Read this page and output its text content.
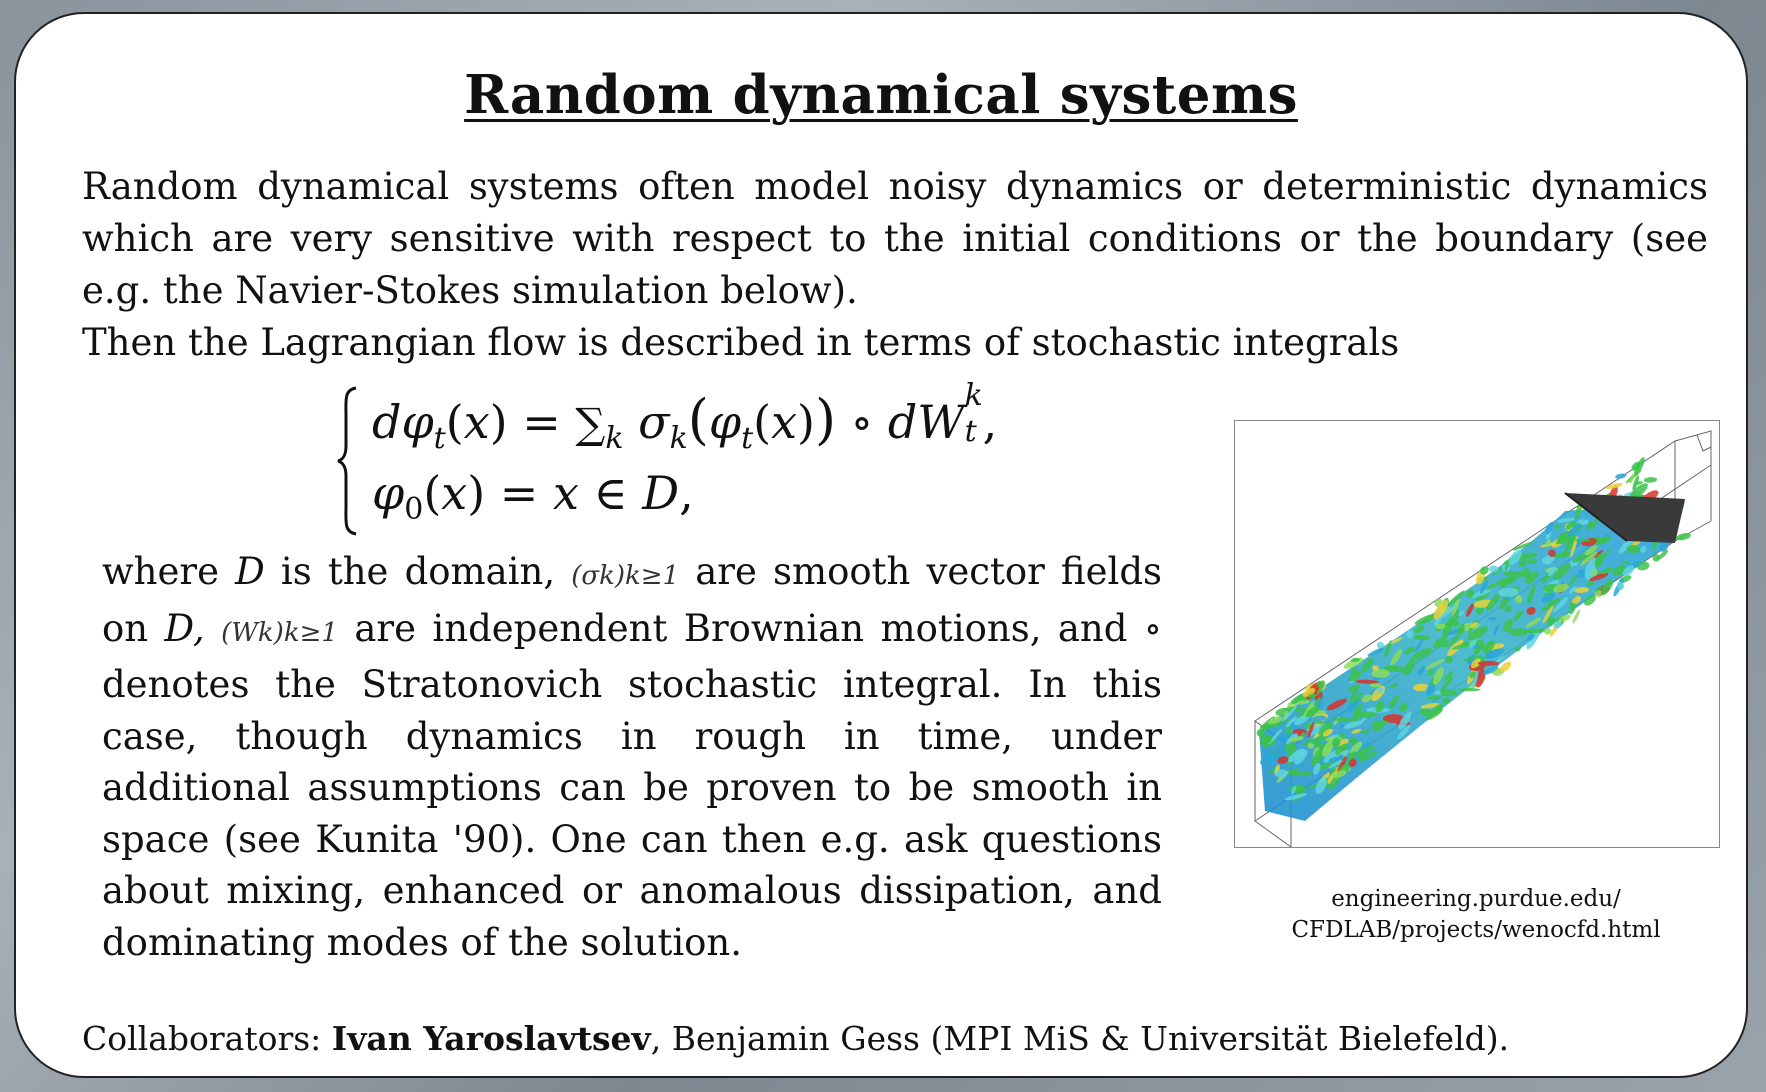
Random dynamical systems

Random dynamical systems often model noisy dynamics or deterministic dynamics which are very sensitive with respect to the initial conditions or the boundary (see e.g. the Navier-Stokes simulation below).

Then the Lagrangian flow is described in terms of stochastic integrals

$d\varphi_t(x) = \sum_k$ $\sigma_k(\varphi_t(x))$ ∘ dW k
t ,
$\varphi_0(x) = x$ ∈ D,
where D is the domain, (σk)k≥1 are smooth vector fields on D, (Wk)k≥1 are independent Brownian motions, and ∘ denotes the Stratonovich stochastic integral. In this case, though dynamics in rough in time, under additional assumptions can be proven to be smooth in space (see Kunita '90). One can then e.g. ask questions about mixing, enhanced or anomalous dissipation, and dominating modes of the solution.
engineering.purdue.edu/
CFDLAB/projects/wenocfd.html
Collaborators: Ivan Yaroslavtsev, Benjamin Gess (MPI MiS & Universität Bielefeld).
